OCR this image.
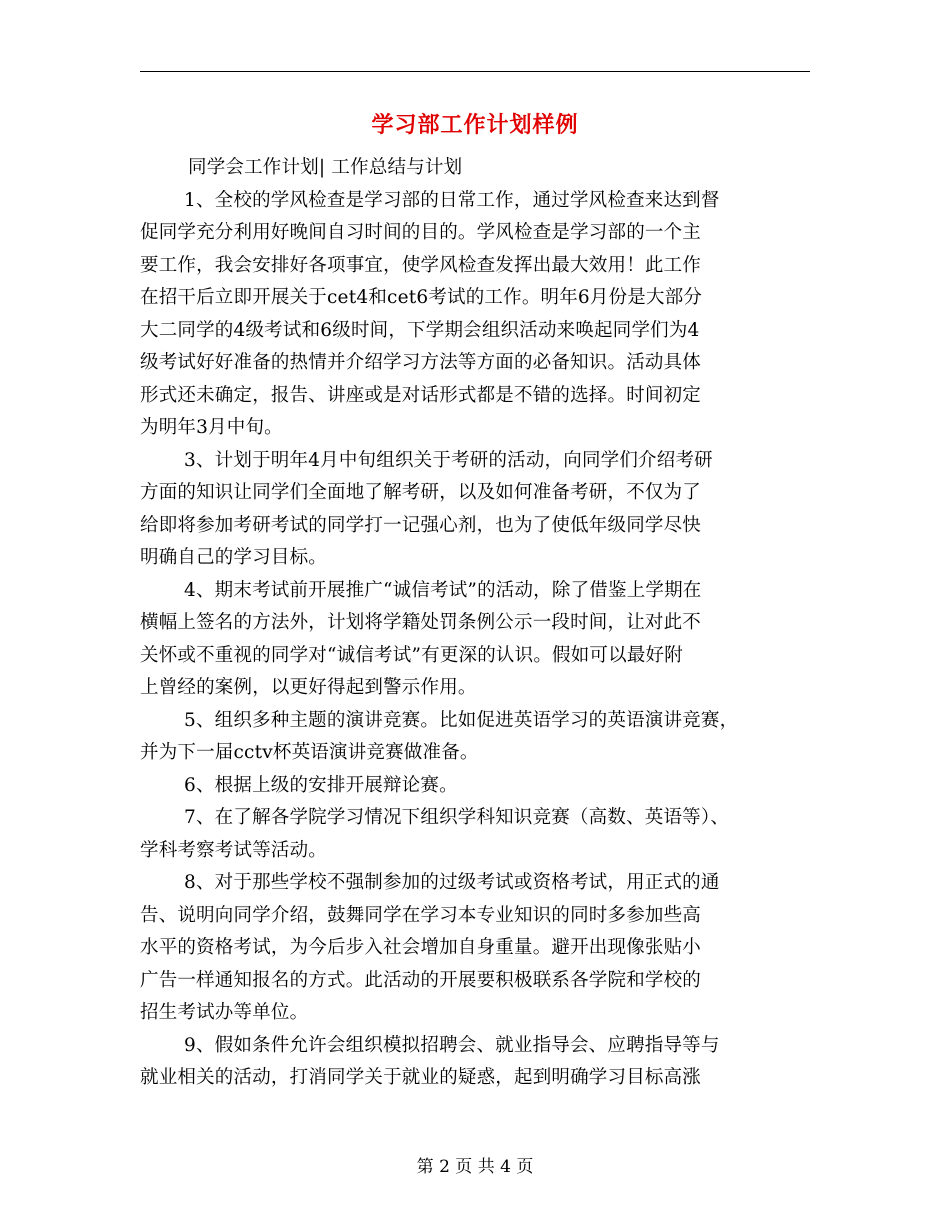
学习部工作计划样例
同学会工作计划| 工作总结与计划
1、全校的学风检查是学习部的日常工作，通过学风检查来达到督
促同学充分利用好晚间自习时间的目的。学风检查是学习部的一个主
要工作，我会安排好各项事宜，使学风检查发挥出最大效用！此工作
在招干后立即开展关于cet4和cet6考试的工作。明年6月份是大部分
大二同学的4级考试和6级时间，下学期会组织活动来唤起同学们为4
级考试好好准备的热情并介绍学习方法等方面的必备知识。活动具体
形式还未确定，报告、讲座或是对话形式都是不错的选择。时间初定
为明年3月中旬。
3、计划于明年4月中旬组织关于考研的活动，向同学们介绍考研
方面的知识让同学们全面地了解考研，以及如何准备考研，不仅为了
给即将参加考研考试的同学打一记强心剂，也为了使低年级同学尽快
明确自己的学习目标。
4、期末考试前开展推广“诚信考试”的活动，除了借鉴上学期在
横幅上签名的方法外，计划将学籍处罚条例公示一段时间，让对此不
关怀或不重视的同学对“诚信考试”有更深的认识。假如可以最好附
上曾经的案例，以更好得起到警示作用。
5、组织多种主题的演讲竞赛。比如促进英语学习的英语演讲竞赛，
并为下一届cctv杯英语演讲竞赛做准备。
6、根据上级的安排开展辩论赛。
7、在了解各学院学习情况下组织学科知识竞赛（高数、英语等）、
学科考察考试等活动。
8、对于那些学校不强制参加的过级考试或资格考试，用正式的通
告、说明向同学介绍，鼓舞同学在学习本专业知识的同时多参加些高
水平的资格考试，为今后步入社会增加自身重量。避开出现像张贴小
广告一样通知报名的方式。此活动的开展要积极联系各学院和学校的
招生考试办等单位。
9、假如条件允许会组织模拟招聘会、就业指导会、应聘指导等与
就业相关的活动，打消同学关于就业的疑惑，起到明确学习目标高涨
第 2 页 共 4 页
